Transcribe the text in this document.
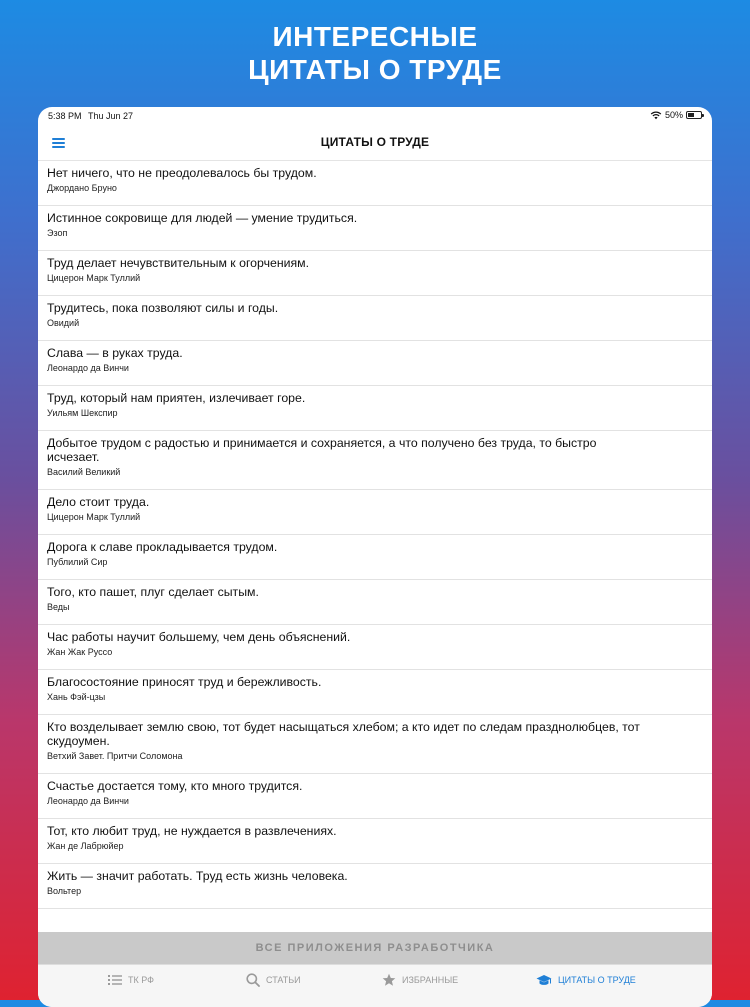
ИНТЕРЕСНЫЕ
ЦИТАТЫ О ТРУДЕ
5:38 PM Thu Jun 27	50%
ЦИТАТЫ О ТРУДЕ
Нет ничего, что не преодолевалось бы трудом.
Джордано Бруно
Истинное сокровище для людей — умение трудиться.
Эзоп
Труд делает нечувствительным к огорчениям.
Цицерон Марк Туллий
Трудитесь, пока позволяют силы и годы.
Овидий
Слава — в руках труда.
Леонардо да Винчи
Труд, который нам приятен, излечивает горе.
Уильям Шекспир
Добытое трудом с радостью и принимается и сохраняется, а что получено без труда, то быстро исчезает.
Василий Великий
Дело стоит труда.
Цицерон Марк Туллий
Дорога к славе прокладывается трудом.
Публилий Сир
Того, кто пашет, плуг сделает сытым.
Веды
Час работы научит большему, чем день объяснений.
Жан Жак Руссо
Благосостояние приносят труд и бережливость.
Хань Фэй-цзы
Кто возделывает землю свою, тот будет насыщаться хлебом; а кто идет по следам празднолюбцев, тот скудоумен.
Ветхий Завет. Притчи Соломона
Счастье достается тому, кто много трудится.
Леонардо да Винчи
Тот, кто любит труд, не нуждается в развлечениях.
Жан де Лабрюйер
Жить — значит работать. Труд есть жизнь человека.
Вольтер
ВСЕ ПРИЛОЖЕНИЯ РАЗРАБОТЧИКА
ТК РФ	СТАТЬИ	ИЗБРАННЫЕ	ЦИТАТЫ О ТРУДЕ
